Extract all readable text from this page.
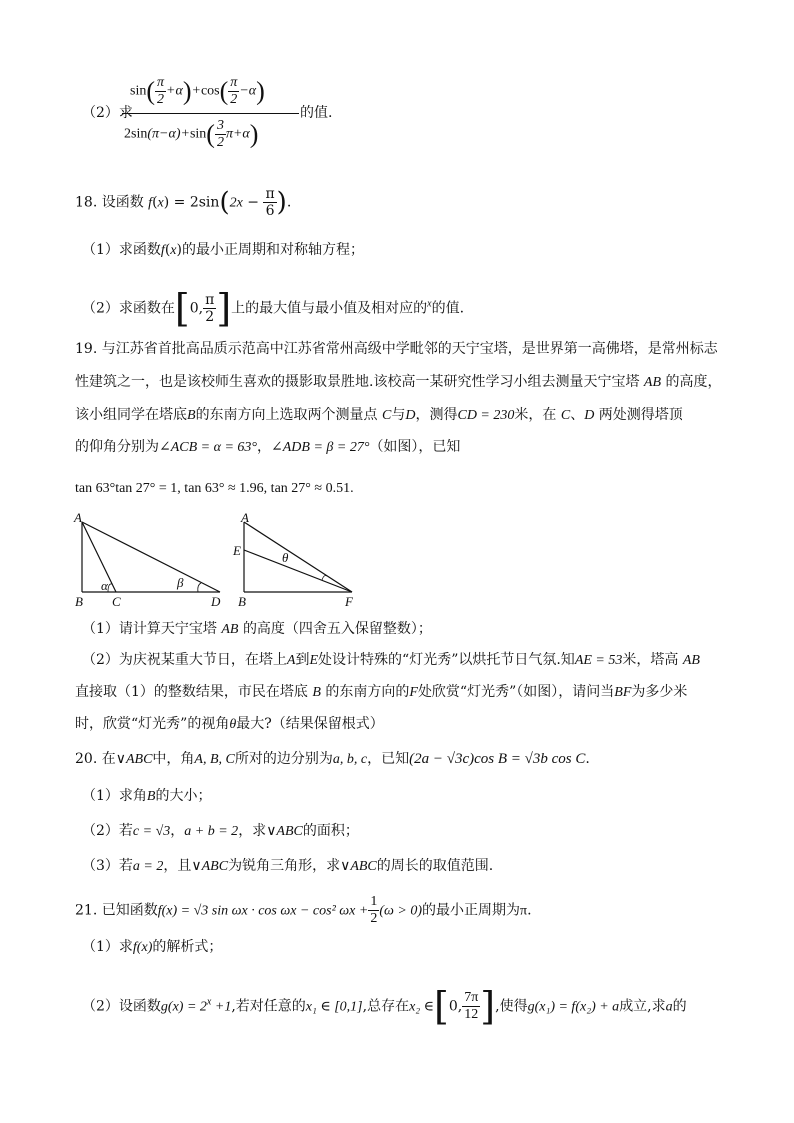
（2）求
$\sin( \frac{\pi}{2} +\alpha)+\cos( \frac{\pi}{2} -\alpha)$
$2\sin(\pi-\alpha)+\sin( \frac{3}{2} \pi+\alpha)$
的值.
18. 设函数 $f(x) = 2\sin(2x - \frac{\pi}{6}$ ).
（1）求函数f(x)的最小正周期和对称轴方程；
（2）求函数在[0, $\frac{\pi}{2}$ ]上的最大值与最小值及相对应的$^x$的值.
19. 与江苏省首批高品质示范高中江苏省常州高级中学毗邻的天宁宝塔，是世界第一高佛塔，是常州标志
性建筑之一，也是该校师生喜欢的摄影取景胜地.该校高一某研究性学习小组去测量天宁宝塔 AB 的高度，
该小组同学在塔底B的东南方向上选取两个测量点 C与D，测得CD = 230米，在 C、D 两处测得塔顶
的仰角分别为∠ACB = α = 63°，∠ADB = β = 27°（如图），已知
tan 63°tan 27° = 1, tan 63° ≈ 1.96, tan 27° ≈ 0.51.
A
B C	D
α	β
A
E
B	F
θ
（1）请计算天宁宝塔 AB 的高度（四舍五入保留整数）；
（2）为庆祝某重大节日，在塔上A到E处设计特殊的“灯光秀”以烘托节日气氛.知AE = 53米，塔高 AB
直接取（1）的整数结果，市民在塔底 B 的东南方向的F处欣赏“灯光秀”（如图），请问当BF为多少米
时，欣赏“灯光秀”的视角θ最大?（结果保留根式）
20. 在∨ABC中，角A, B, C所对的边分别为a, b, c，已知(2a − √3c)cos B = √3b cos C.
（1）求角B的大小；
（2）若c = √3，a + b = 2，求∨ABC的面积；
（3）若a = 2，且∨ABC为锐角三角形，求∨ABC的周长的取值范围.
21. 已知函数f(x) = √3 sin ωx · cos ωx − cos² $\omega x + \frac{1}{2} (\omega > 0)$的最小正周期为π.
（1）求f(x)的解析式；
（2）设函数$g(x) = 2^x +1$,若对任意的x₁ ∈ [0,1],总存在x₂ ∈[0, $\frac{7\pi}{12}$ ],使得g(x₁) = f(x₂) + a成立,求a的
